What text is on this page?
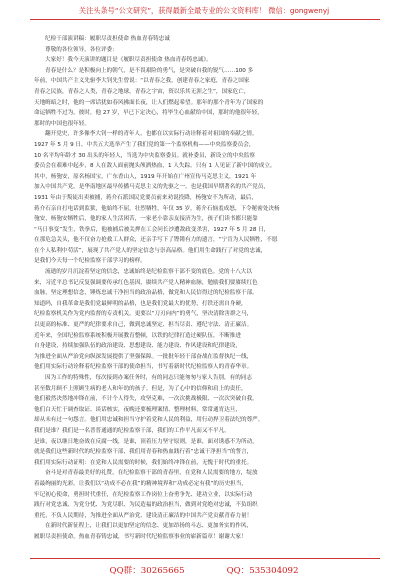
关注头条号“公文研究”，获得最新全最专业的公文资料库！ 微信：gongwenyj

纪检干部演讲稿：履职尽责担使命 热血青春铸忠诚

尊敬的各位领导，各位评委：

大家好！我今天演讲的题目是《履职尽责担使命 热血青春铸忠诚》。

青春是什么？是积极向上的朝气，是不畏艰险的勇气，是突破自我的锐气……100 多

年前，中国共产主义先驱李大钊先生曾说：“以青春之我，创建青春之家庭，青春之国家

青春之民族，青春之人类，青春之地球，青春之宇宙，资以乐其无涯之生”，国家危亡，

天地晦暗之时，他的一席话犹如春风拂面长夜，让人们燃起希望。那年的那个青年为了国家的

命运牺牲不过为，彼时，他 27 岁，早已下定决心，将毕生心血献给中国，那时的他很年轻，

那时的中国也很年轻。

翻开党史，许多像李大钊一样的青年人，也都在以实际行动诠释着对祖国的奉献之情。

1927 年 5 月 9 日，中共五大选举产生了我们党的第一个监察机构——中央监察委员会，

10 名平均年龄才 30 出头的年轻人，当选为中央监察委员。就补委员，新设立的中央监察

委员会在艰难中起步，8 人在敌人面前抛头颅洒热血，1 人失踪。只有 1 人见证了新中国的成立，

其中，杨匏安，原名杨国宝，广东香山人，1919 年开始在广州宣传马克思主义，1921 年

加入中国共产党，是华南地区最早传播马克思主义的先驱之一。也是我国早期著名的共产党员，

1931 年由于叛徒出卖被捕，蒋介石派国民党要员前来劝说投降，杨匏安不为所动，最后，

蒋介石亲自打电话到监狱，他始终不屈，壮烈牺牲，年仅 35 岁。蒋介石恼羞成怒，下令秘密处决杨

匏安，杨匏安牺牲后，他的家人生活困苦，一家老小靠亲友接济为生，孩子们读书都只能靠

“马日事变”发生，铁拳后，他被捕后被关押在工会问长沙遭敌政变杀害，1927 年 5 月 28 日，

在那危急关头，他不仅奋力抢救工人群众，还亲手写下了铿锵有力的遗言，“宁肯为人民牺牲，不愿

在个人私利中苟活”，展现了共产党人的坚定信念与崇高品格。他们用生命践行了对党的忠诚，

是我们今天每一个纪检监察干部学习的榜样。

流逝的岁月沉淀着坚定的信念，忠诚始终是纪检监察干部不变的底色。党的十八大以

来，习近平总书记反复强调要传承红色基因，赓续共产党人精神血脉，勉励我们要赓续红色

血脉，坚定理想信念，锤炼忠诚干净担当的政治品格，做党和人民信得过的纪检监察干部。

知道吗，自我革命是我们党最鲜明的品格，也是我们党最大的优势，打铁还需自身硬，

纪检监察机关作为党内监督的专责机关，更要以“刀刃向内”的勇气，坚决清除害群之马，

以更高的标准、更严的纪律要求自己，做到忠诚坚定、担当尽责、遵纪守法、清正廉洁。

近年来，全国纪检监察系统积极开展教育整顿，以铁的纪律打造过硬队伍，不断推进

自身建设，持续加强队伍的政治建设、思想建设、能力建设、作风建设和纪律建设，

为推进全面从严治党向纵深发展提供了坚强保障。一批批年轻干部奋战在监督执纪一线，

他们用实际行动诠释着纪检监察干部的使命担当，书写着新时代纪检监察人的青春华章。

因为工作的特殊性，每次接到办案任务时，有的同志只能匆匆与家人告别，有的同志

甚至数月顾不上照顾生病的老人和年幼的孩子。但是，为了心中的信仰和肩上的责任，

他们毅然决然地冲锋在前，不计个人得失，攻坚克难，一次次挑战极限、一次次突破自我。

他们白天忙于调查取证、谈话核实，夜晚还要梳理案情、整理材料，常常通宵达旦，

却从未有过一句怨言。他们用忠诚和担当守护着党和人民的利益，用行动捍卫着法纪的尊严。

我们是谁？我们是一名普普通通的纪检监察干部，我们的工作平凡而又不平凡。

是谁，夜以继日地奋战在反腐一线，是谁，顶着压力坚守原则，是谁，面对诱惑不为所动，

就是我们这些新时代的纪检监察干部，我们用青春和热血践行着“忠诚干净担当”的誓言，

我们用实际行动证明：在党和人民需要的时候，我们始终冲锋在前，无愧于时代的重托。

奋斗是对青春最美好的礼赞，在纪检监察干部的青春里，在党和人民需要的地方，绽放

着最绚丽的光彩。让我们以“功成不必在我”的精神境界和“功成必定有我”的历史担当，

牢记初心使命，勇担时代重任，在纪检监察工作岗位上奋勇争先、建功立业，以实际行动

践行对党忠诚、为党分忧、为党尽职、为民造福的政治担当，做到对党绝对忠诚，不负组织

重托，不负人民期待，为推进全面从严治党、建设清正廉洁的中国共产党贡献青春力量！

在新时代新征程上，让我们以更加坚定的信念、更加昂扬的斗志、更加务实的作风，

履职尽责担使命，热血青春铸忠诚，书写新时代纪检监察事业的崭新篇章！谢谢大家！

QQ群：30265665	QQ：535304092
